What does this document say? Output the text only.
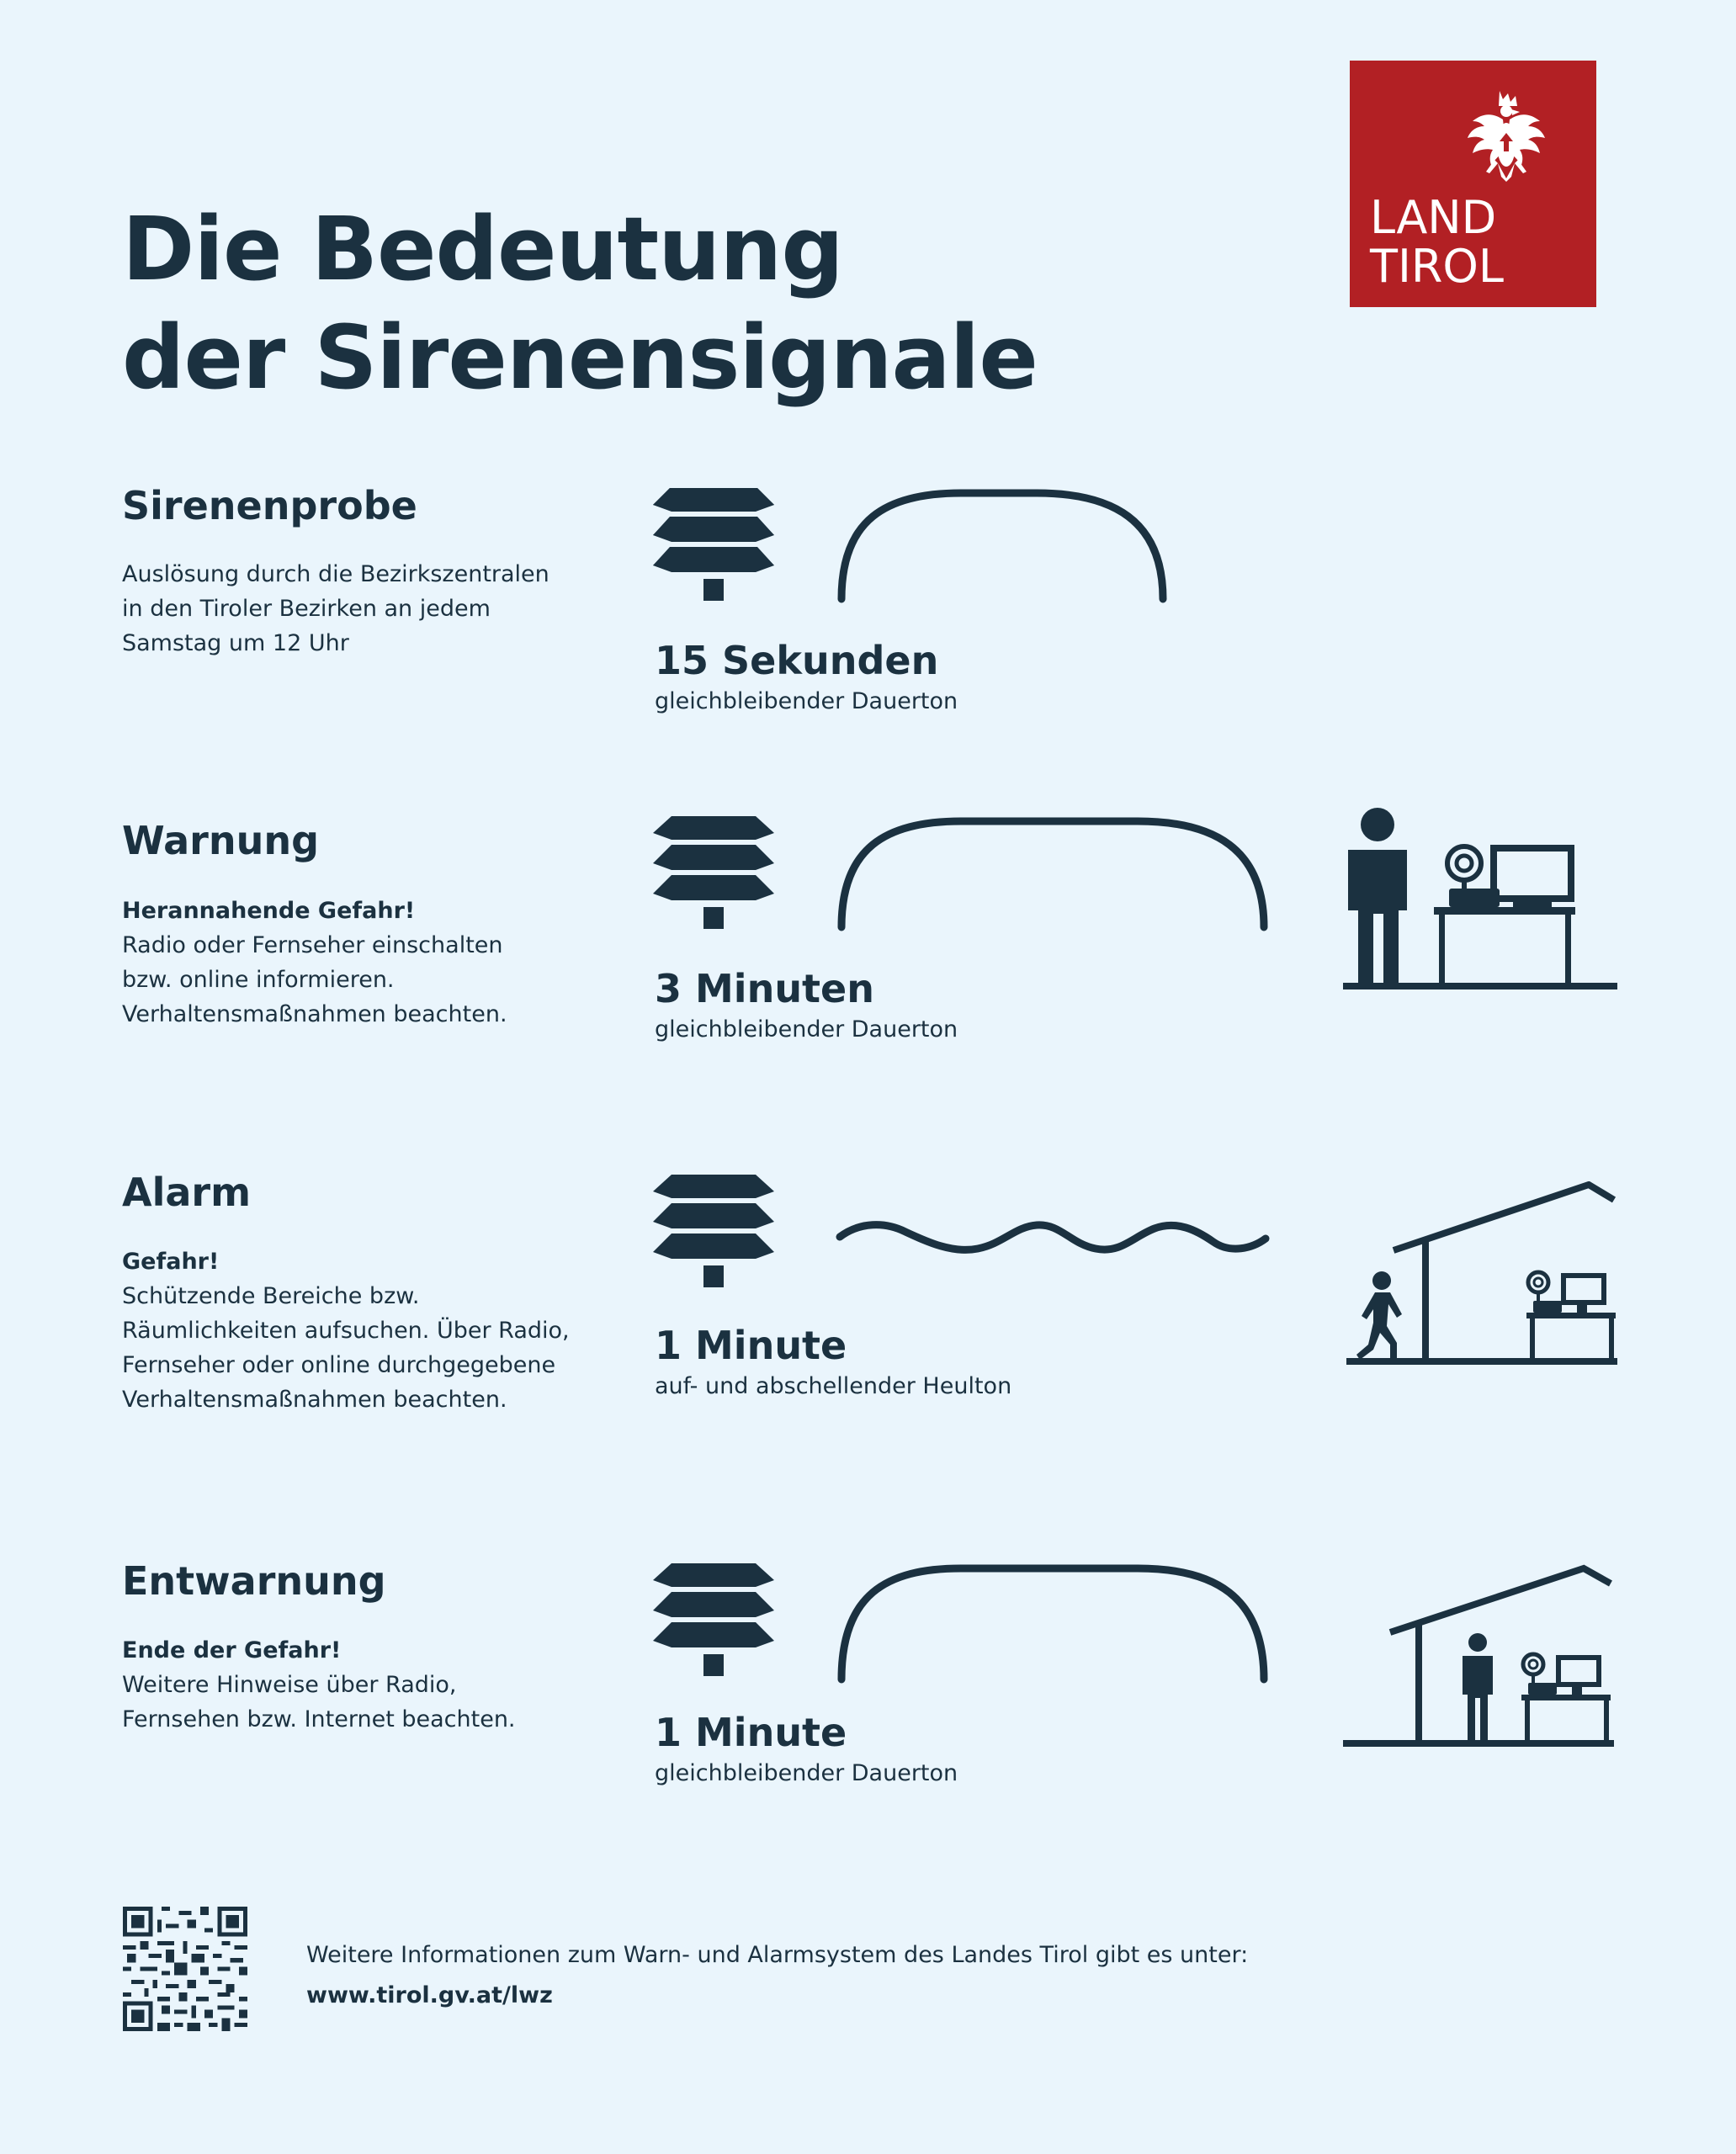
Die Bedeutung
der Sirenensignale
LAND
TIROL
Sirenenprobe
Auslösung durch die Bezirkszentralen
in den Tiroler Bezirken an jedem
Samstag um 12 Uhr	15 Sekunden
gleichbleibender Dauerton
Warnung
Herannahende Gefahr!
Radio oder Fernseher einschalten
bzw. online informieren.
Verhaltensmaßnahmen beachten.
3 Minuten
gleichbleibender Dauerton
Alarm
Gefahr!
Schützende Bereiche bzw.
Räumlichkeiten aufsuchen. Über Radio,
Fernseher oder online durchgegebene
Verhaltensmaßnahmen beachten.
1 Minute
auf- und abschellender Heulton
Entwarnung
Ende der Gefahr!
Weitere Hinweise über Radio,
Fernsehen bzw. Internet beachten.	1 Minute
gleichbleibender Dauerton
Weitere Informationen zum Warn- und Alarmsystem des Landes Tirol gibt es unter:
www.tirol.gv.at/lwz
